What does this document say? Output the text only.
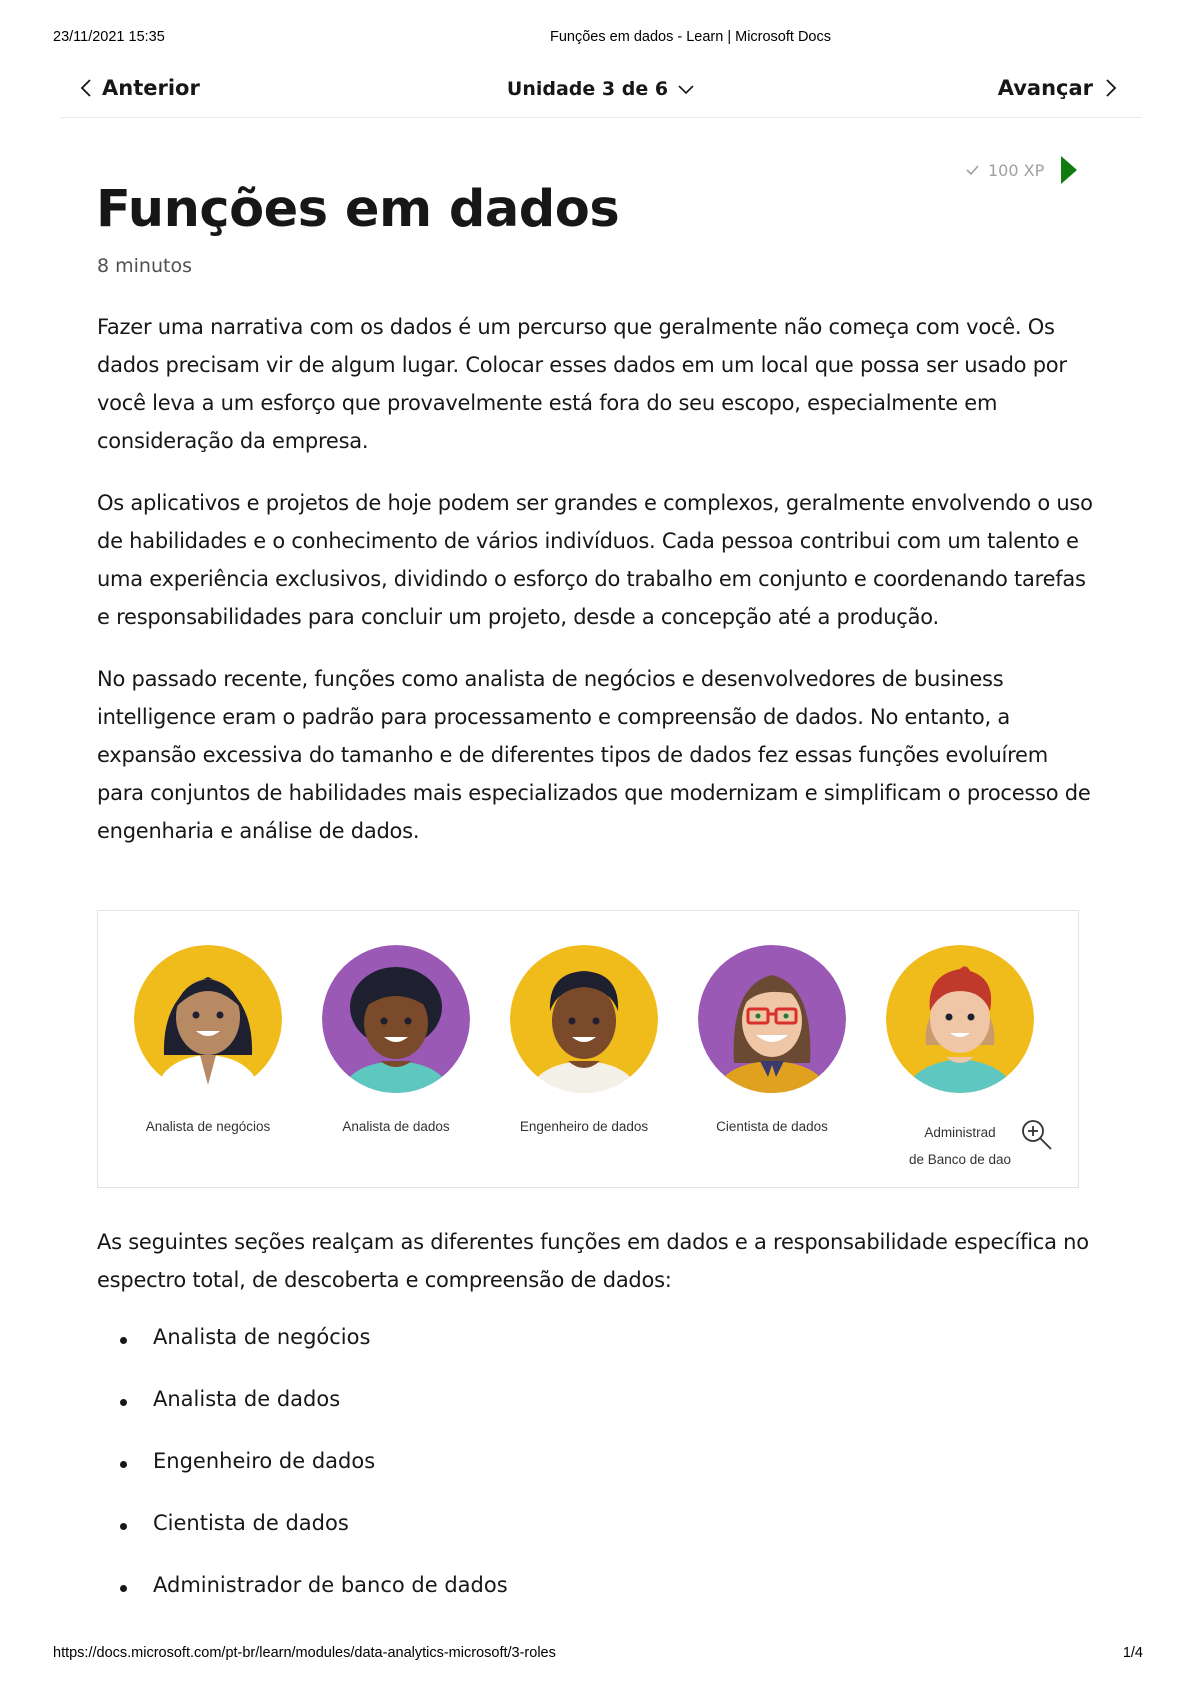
23/11/2021 15:35	Funções em dados - Learn | Microsoft Docs
Anterior	Unidade 3 de 6	Avançar
100 XP
Funções em dados
8 minutos

Fazer uma narrativa com os dados é um percurso que geralmente não começa com você. Os dados precisam vir de algum lugar. Colocar esses dados em um local que possa ser usado por você leva a um esforço que provavelmente está fora do seu escopo, especialmente em consideração da empresa.

Os aplicativos e projetos de hoje podem ser grandes e complexos, geralmente envolvendo o uso de habilidades e o conhecimento de vários indivíduos. Cada pessoa contribui com um talento e uma experiência exclusivos, dividindo o esforço do trabalho em conjunto e coordenando tarefas e responsabilidades para concluir um projeto, desde a concepção até a produção.

No passado recente, funções como analista de negócios e desenvolvedores de business intelligence eram o padrão para processamento e compreensão de dados. No entanto, a expansão excessiva do tamanho e de diferentes tipos de dados fez essas funções evoluírem para conjuntos de habilidades mais especializados que modernizam e simplificam o processo de engenharia e análise de dados.

Analista de negócios	Analista de dados	Engenheiro de dados	Cientista de dados	Administrad
de Banco de dao
As seguintes seções realçam as diferentes funções em dados e a responsabilidade específica no espectro total, de descoberta e compreensão de dados:
Analista de negócios
Analista de dados
Engenheiro de dados
Cientista de dados
Administrador de banco de dados
https://docs.microsoft.com/pt-br/learn/modules/data-analytics-microsoft/3-roles	1/4
